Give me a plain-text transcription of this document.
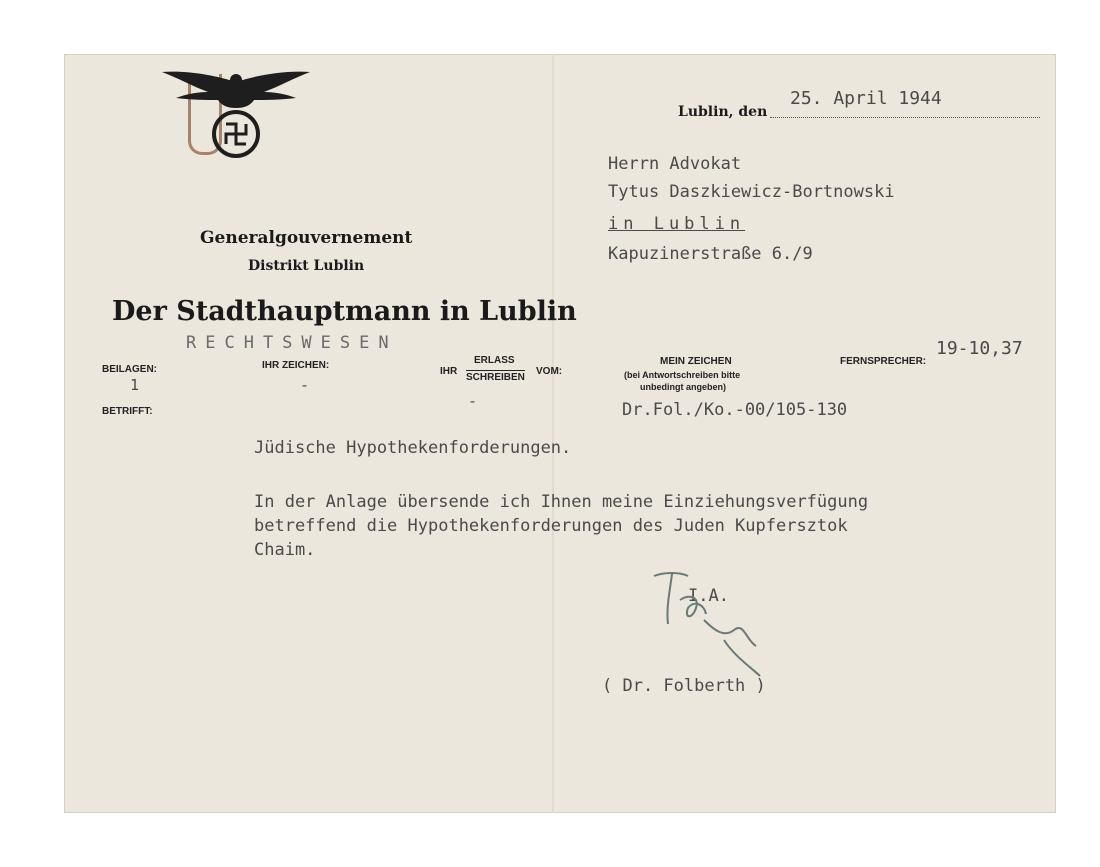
Generalgouvernement
Distrikt Lublin
Der Stadthauptmann in Lublin
RECHTSWESEN
Lublin, den
25. April 1944
Herrn Advokat
Tytus Daszkiewicz-Bortnowski
in Lublin
Kapuzinerstraße 6./9
BEILAGEN:
1
BETRIFFT:
IHR ZEICHEN:
-
IHR
ERLASS
SCHREIBEN
VOM:
-
MEIN ZEICHEN
(bei Antwortschreiben bitte
unbedingt angeben)
Dr.Fol./Ko.-00/105-130
FERNSPRECHER:
19-10,37
Jüdische Hypothekenforderungen.
In der Anlage übersende ich Ihnen meine Einziehungsverfügung
betreffend die Hypothekenforderungen des Juden Kupfersztok
Chaim.
I.A.
( Dr. Folberth )
